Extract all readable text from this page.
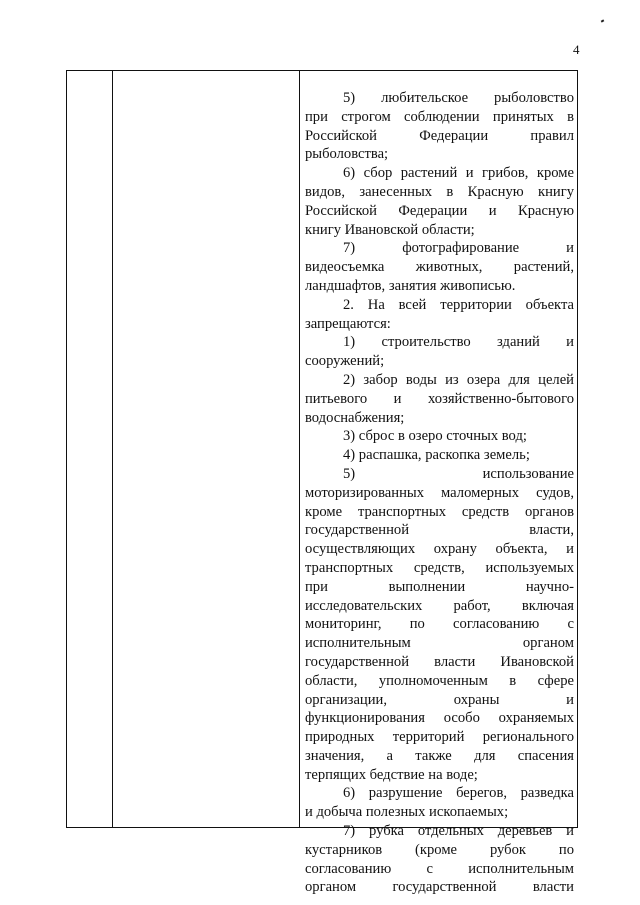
4
5) любительское рыболовство
при строгом соблюдении принятых в
Российской Федерации правил
рыболовства;
6) сбор растений и грибов, кроме
видов, занесенных в Красную книгу
Российской Федерации и Красную
книгу Ивановской области;
7) фотографирование и
видеосъемка животных, растений,
ландшафтов, занятия живописью.
2. На всей территории объекта
запрещаются:
1) строительство зданий и
сооружений;
2) забор воды из озера для целей
питьевого и хозяйственно-бытового
водоснабжения;
3) сброс в озеро сточных вод;
4) распашка, раскопка земель;
5) использование
моторизированных маломерных судов,
кроме транспортных средств органов
государственной власти,
осуществляющих охрану объекта, и
транспортных средств, используемых
при выполнении научно-
исследовательских работ, включая
мониторинг, по согласованию с
исполнительным органом
государственной власти Ивановской
области, уполномоченным в сфере
организации, охраны и
функционирования особо охраняемых
природных территорий регионального
значения, а также для спасения
терпящих бедствие на воде;
6) разрушение берегов, разведка
и добыча полезных ископаемых;
7) рубка отдельных деревьев и
кустарников (кроме рубок по
согласованию с исполнительным
органом государственной власти
